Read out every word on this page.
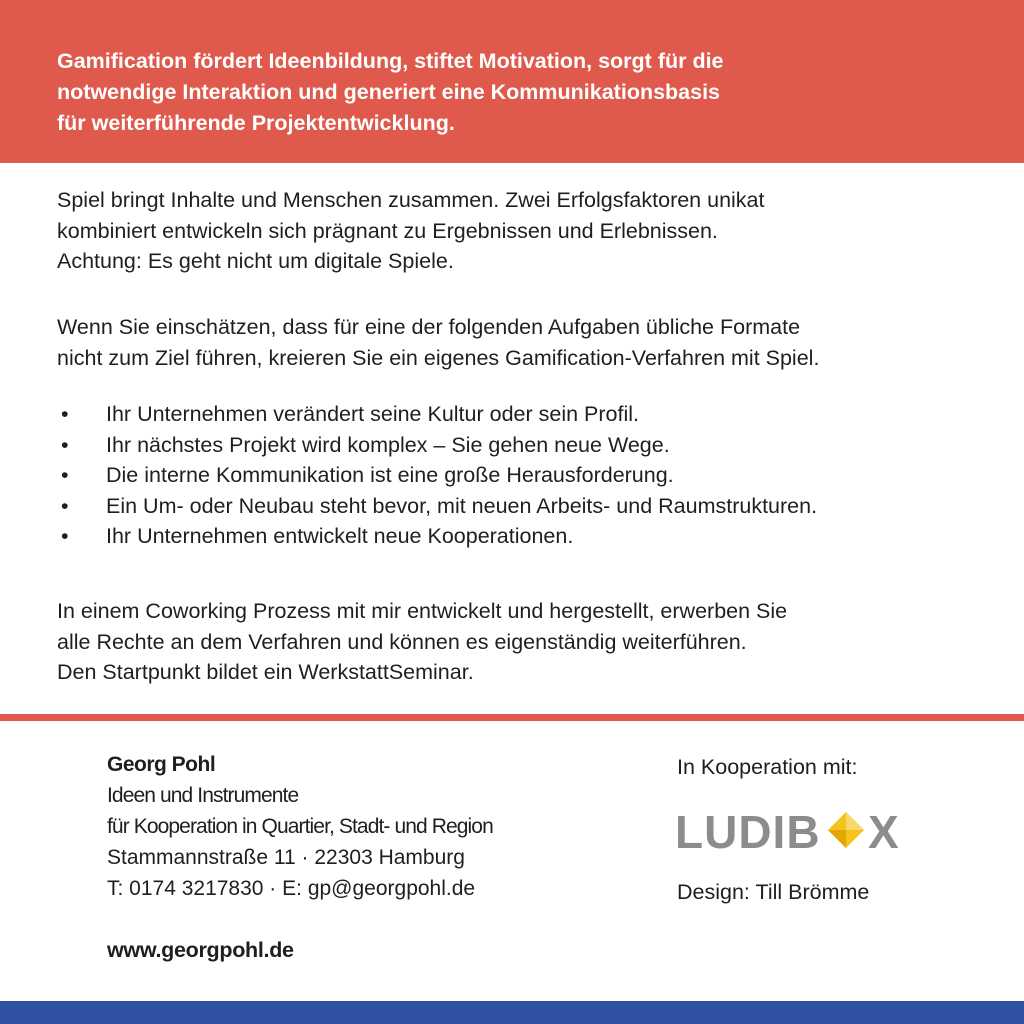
Gamification fördert Ideenbildung, stiftet Motivation, sorgt für die
notwendige Interaktion und generiert eine Kommunikationsbasis
für weiterführende Projektentwicklung.
Spiel bringt Inhalte und Menschen zusammen. Zwei Erfolgsfaktoren unikat
kombiniert entwickeln sich prägnant zu Ergebnissen und Erlebnissen.
Achtung: Es geht nicht um digitale Spiele.
Wenn Sie einschätzen, dass für eine der folgenden Aufgaben übliche Formate
nicht zum Ziel führen, kreieren Sie ein eigenes Gamification-Verfahren mit Spiel.
• Ihr Unternehmen verändert seine Kultur oder sein Profil.
• Ihr nächstes Projekt wird komplex – Sie gehen neue Wege.
• Die interne Kommunikation ist eine große Herausforderung.
• Ein Um- oder Neubau steht bevor, mit neuen Arbeits- und Raumstrukturen.
• Ihr Unternehmen entwickelt neue Kooperationen.
In einem Coworking Prozess mit mir entwickelt und hergestellt, erwerben Sie
alle Rechte an dem Verfahren und können es eigenständig weiterführen.
Den Startpunkt bildet ein WerkstattSeminar.
Georg Pohl
Ideen und Instrumente
für Kooperation in Quartier, Stadt- und Region
Stammannstraße 11 · 22303 Hamburg
T: 0174 3217830 · E: gp@georgpohl.de
www.georgpohl.de
In Kooperation mit:
LUDIB X
Design: Till Brömme
